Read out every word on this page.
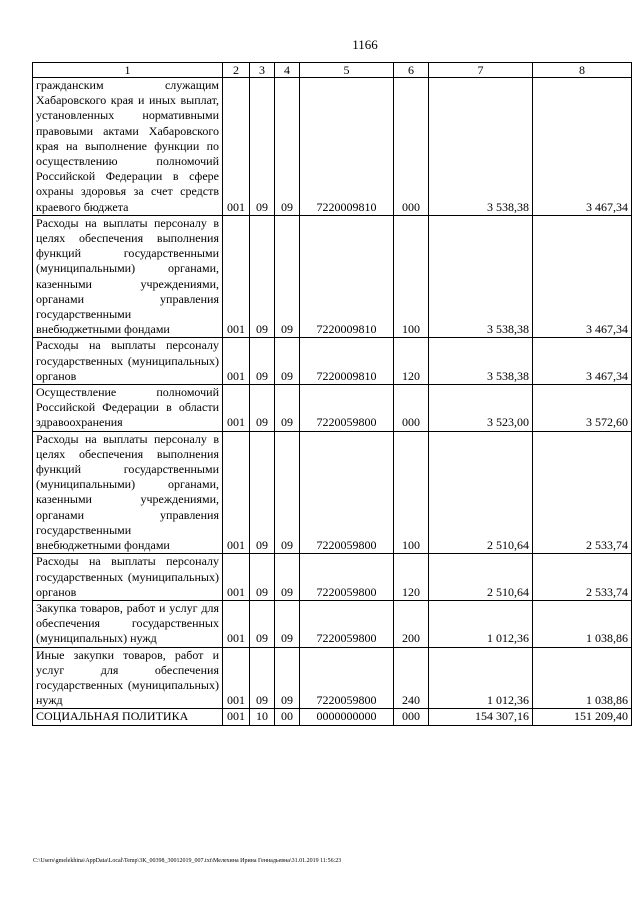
1166
1	2	3	4	5	6	7	8
гражданским служащим Хабаровского края и иных выплат, установленных нормативными правовыми актами Хабаровского края на выполнение функции по осуществлению полномочий Российской Федерации в сфере охраны здоровья за счет средств краевого бюджета	001	09	09	7220009810	000	3 538,38	3 467,34
Расходы на выплаты персоналу в целях обеспечения выполнения функций государственными (муниципальными) органами, казенными учреждениями, органами управления государственными внебюджетными фондами	001	09	09	7220009810	100	3 538,38	3 467,34
Расходы на выплаты персоналу государственных (муниципальных) органов	001	09	09	7220009810	120	3 538,38	3 467,34
Осуществление полномочий Российской Федерации в области здравоохранения	001	09	09	7220059800	000	3 523,00	3 572,60
Расходы на выплаты персоналу в целях обеспечения выполнения функций государственными (муниципальными) органами, казенными учреждениями, органами управления государственными внебюджетными фондами	001	09	09	7220059800	100	2 510,64	2 533,74
Расходы на выплаты персоналу государственных (муниципальных) органов	001	09	09	7220059800	120	2 510,64	2 533,74
Закупка товаров, работ и услуг для обеспечения государственных (муниципальных) нужд	001	09	09	7220059800	200	1 012,36	1 038,86
Иные закупки товаров, работ и услуг для обеспечения государственных (муниципальных) нужд	001	09	09	7220059800	240	1 012,36	1 038,86
СОЦИАЛЬНАЯ ПОЛИТИКА	001	10	00	0000000000	000	154 307,16	151 209,40
C:\Users\gmelekhina\AppData\Local\Temp\3K_00398_30012019_007.txt\Мелехина Ирина Геннадьевна\31.01.2019 11:56:23
